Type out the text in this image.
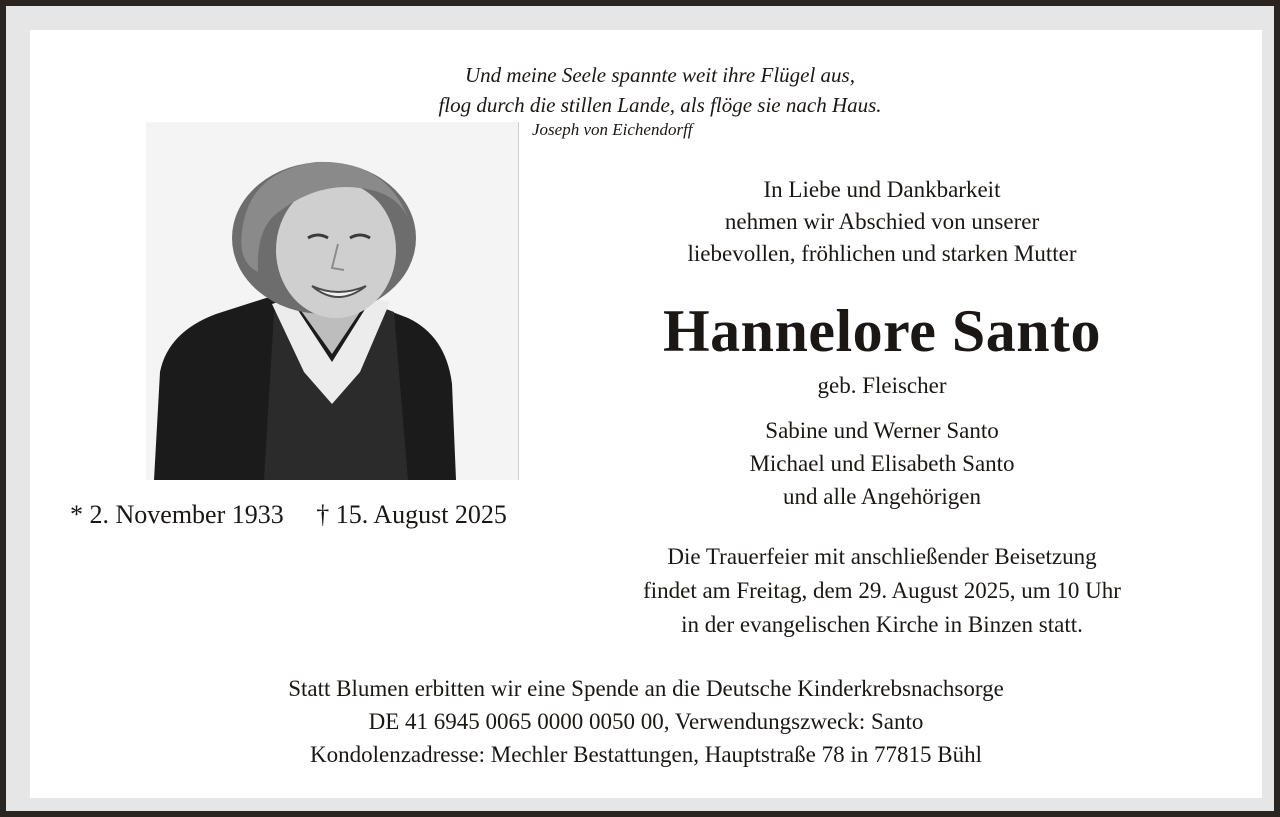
Und meine Seele spannte weit ihre Flügel aus,
flog durch die stillen Lande, als flöge sie nach Haus.
Joseph von Eichendorff
* 2. November 1933 † 15. August 2025
In Liebe und Dankbarkeit
nehmen wir Abschied von unserer
liebevollen, fröhlichen und starken Mutter
Hannelore Santo
geb. Fleischer
Sabine und Werner Santo
Michael und Elisabeth Santo
und alle Angehörigen
Die Trauerfeier mit anschließender Beisetzung
findet am Freitag, dem 29. August 2025, um 10 Uhr
in der evangelischen Kirche in Binzen statt.
Statt Blumen erbitten wir eine Spende an die Deutsche Kinderkrebsnachsorge
DE 41 6945 0065 0000 0050 00, Verwendungszweck: Santo
Kondolenzadresse: Mechler Bestattungen, Hauptstraße 78 in 77815 Bühl
